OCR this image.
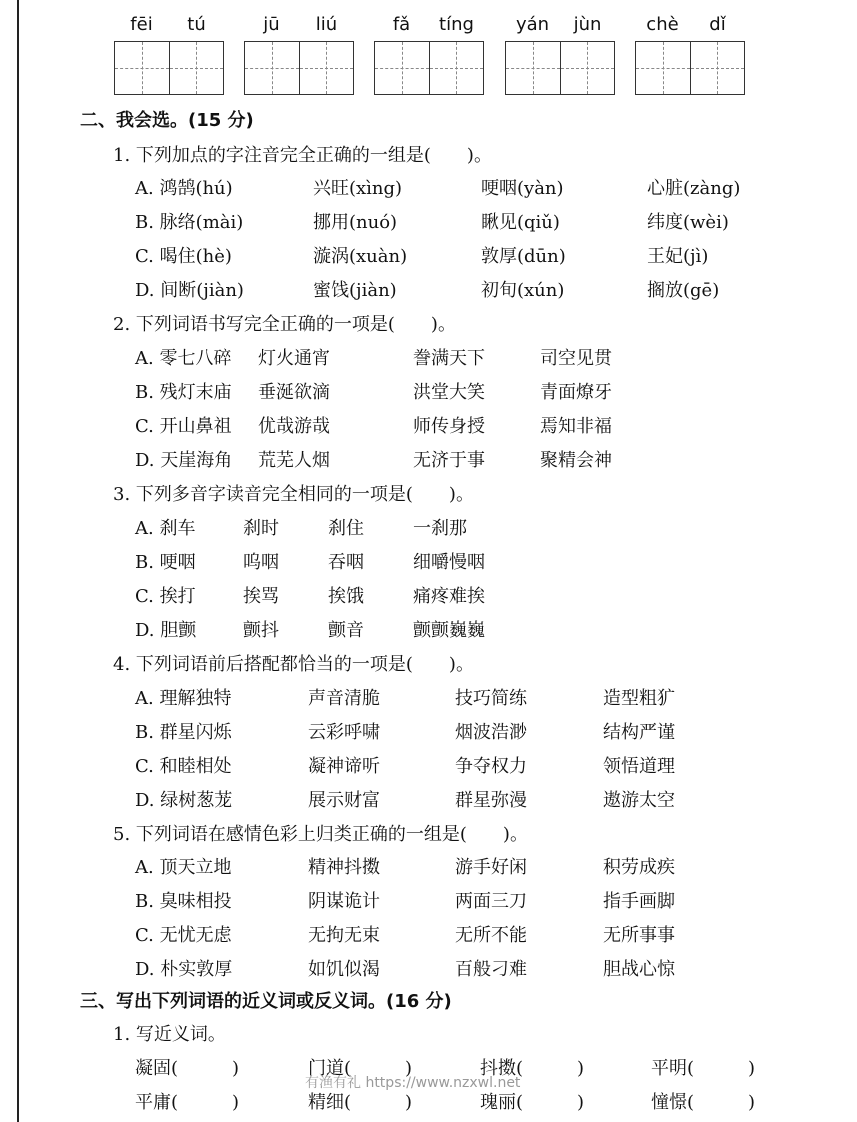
fēi	tú	jū	liú	fǎ	tíng	yán	jùn	chè	dǐ
二、我会选。(15 分)
1. 下列加点的字注音完全正确的一组是(　　)。
A. 鸿鹄(hú)	兴旺(xìng)	哽咽(yàn)	心脏(zàng)
B. 脉络(mài)	挪用(nuó)	瞅见(qiǔ)	纬度(wèi)
C. 喝住(hè)	漩涡(xuàn)	敦厚(dūn)	王妃(jì)
D. 间断(jiàn)	蜜饯(jiàn)	初旬(xún)	搁放(gē)
2. 下列词语书写完全正确的一项是(　　)。
A. 零七八碎 灯火通宵	誊满天下	司空见贯
B. 残灯末庙 垂涎欲滴	洪堂大笑	青面燎牙
C. 开山鼻祖 优哉游哉	师传身授	焉知非福
D. 天崖海角 荒芜人烟	无济于事	聚精会神
3. 下列多音字读音完全相同的一项是(　　)。
A. 刹车	刹时	刹住	一刹那
B. 哽咽	呜咽	吞咽	细嚼慢咽
C. 挨打	挨骂	挨饿	痛疼难挨
D. 胆颤	颤抖	颤音	颤颤巍巍
4. 下列词语前后搭配都恰当的一项是(　　)。
A. 理解独特	声音清脆	技巧简练	造型粗犷
B. 群星闪烁	云彩呼啸	烟波浩渺	结构严谨
C. 和睦相处	凝神谛听	争夺权力	领悟道理
D. 绿树葱茏	展示财富	群星弥漫	遨游太空
5. 下列词语在感情色彩上归类正确的一组是(　　)。
A. 顶天立地	精神抖擞	游手好闲	积劳成疾
B. 臭味相投	阴谋诡计	两面三刀	指手画脚
C. 无忧无虑	无拘无束	无所不能	无所事事
D. 朴实敦厚	如饥似渴	百般刁难	胆战心惊
三、写出下列词语的近义词或反义词。(16 分)
1. 写近义词。
凝固(　　　)	门道(　　　)	抖擞(　　　)	平明(　　　)
平庸(　　　)	精细(　　　)	瑰丽(　　　)	憧憬(　　　)
有渔有礼 https://www.nzxwl.net
